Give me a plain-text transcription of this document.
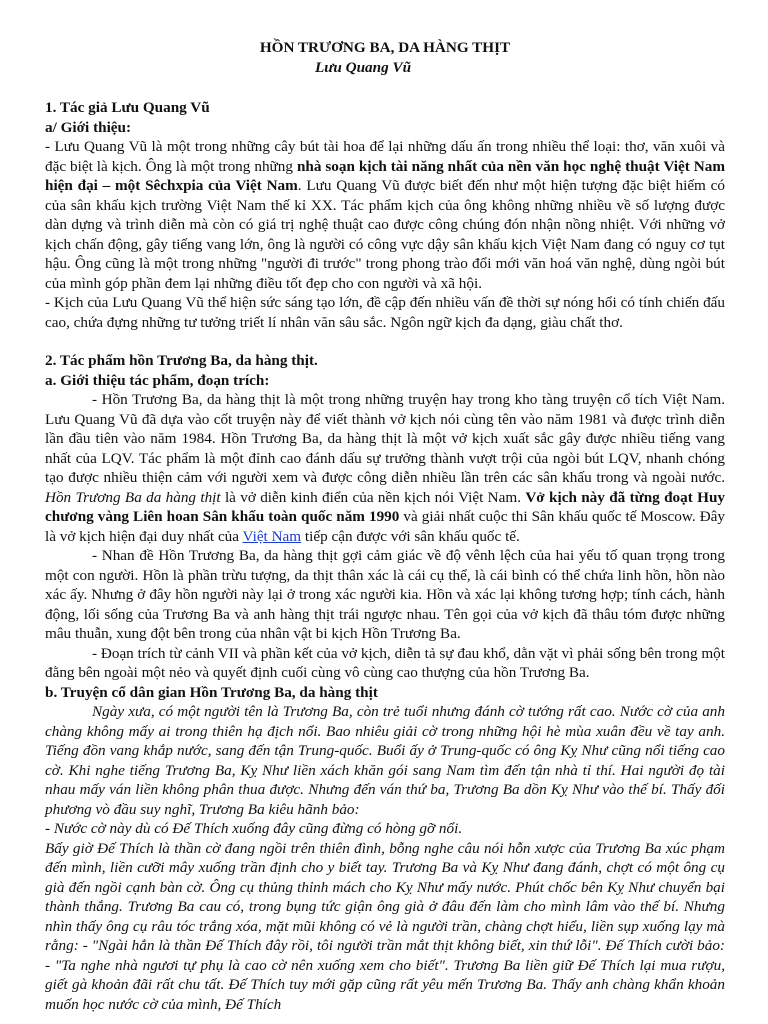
HỒN TRƯƠNG BA, DA HÀNG THỊT

Lưu Quang Vũ

1. Tác giả Lưu Quang Vũ

a/ Giới thiệu:

- Lưu Quang Vũ là một trong những cây bút tài hoa để lại những dấu ấn trong nhiều thể loại: thơ, văn xuôi và đặc biệt là kịch. Ông là một trong những nhà soạn kịch tài năng nhất của nền văn học nghệ thuật Việt Nam hiện đại – một Sêchxpia của Việt Nam. Lưu Quang Vũ được biết đến như một hiện tượng đặc biệt hiếm có của sân khấu kịch trường Việt Nam thế kỉ XX. Tác phẩm kịch của ông không những nhiều về số lượng được dàn dựng và trình diễn mà còn có giá trị nghệ thuật cao được công chúng đón nhận nồng nhiệt. Với những vở kịch chấn động, gây tiếng vang lớn, ông là người có công vực dậy sân khấu kịch Việt Nam đang có nguy cơ tụt hậu. Ông cũng là một trong những "người đi trước" trong phong trào đổi mới văn hoá văn nghệ, dùng ngòi bút của mình góp phần đem lại những điều tốt đẹp cho con người và xã hội.

- Kịch của Lưu Quang Vũ thể hiện sức sáng tạo lớn, đề cập đến nhiều vấn đề thời sự nóng hổi có tính chiến đấu cao, chứa đựng những tư tưởng triết lí nhân văn sâu sắc. Ngôn ngữ kịch đa dạng, giàu chất thơ.

2. Tác phẩm hồn Trương Ba, da hàng thịt.

a. Giới thiệu tác phẩm, đoạn trích:

- Hồn Trương Ba, da hàng thịt là một trong những truyện hay trong kho tàng truyện cổ tích Việt Nam. Lưu Quang Vũ đã dựa vào cốt truyện này để viết thành vở kịch nói cùng tên vào năm 1981 và được trình diễn lần đầu tiên vào năm 1984. Hồn Trương Ba, da hàng thịt là một vở kịch xuất sắc gây được nhiều tiếng vang nhất của LQV. Tác phẩm là một đỉnh cao đánh dấu sự trưởng thành vượt trội của ngòi bút LQV, nhanh chóng tạo được nhiều thiện cảm với người xem và được công diễn nhiều lần trên các sân khấu trong và ngoài nước. Hồn Trương Ba da hàng thịt là vở diễn kinh điển của nền kịch nói Việt Nam. Vở kịch này đã từng đoạt Huy chương vàng Liên hoan Sân khấu toàn quốc năm 1990 và giải nhất cuộc thi Sân khấu quốc tế Moscow. Đây là vở kịch hiện đại duy nhất của Việt Nam tiếp cận được với sân khấu quốc tế.

- Nhan đề Hồn Trương Ba, da hàng thịt gợi cảm giác về độ vênh lệch của hai yếu tố quan trọng trong một con người. Hồn là phần trừu tượng, da thịt thân xác là cái cụ thể, là cái bình có thể chứa linh hồn, hồn nào xác ấy. Nhưng ở đây hồn người này lại ở trong xác người kia. Hồn và xác lại không tương hợp; tính cách, hành động, lối sống của Trương Ba và anh hàng thịt trái ngược nhau. Tên gọi của vở kịch đã thâu tóm được những mâu thuẫn, xung đột bên trong của nhân vật bi kịch Hồn Trương Ba.

- Đoạn trích từ cảnh VII và phần kết của vở kịch, diễn tả sự đau khổ, dằn vặt vì phải sống bên trong một đằng bên ngoài một nẻo và quyết định cuối cùng vô cùng cao thượng của hồn Trương Ba.

b. Truyện cổ dân gian Hồn Trương Ba, da hàng thịt

Ngày xưa, có một người tên là Trương Ba, còn trẻ tuổi nhưng đánh cờ tướng rất cao. Nước cờ của anh chàng không mấy ai trong thiên hạ địch nổi. Bao nhiêu giải cờ trong những hội hè mùa xuân đều về tay anh. Tiếng đồn vang khắp nước, sang đến tận Trung-quốc. Buổi ấy ở Trung-quốc có ông Kỵ Như cũng nổi tiếng cao cờ. Khi nghe tiếng Trương Ba, Kỵ Như liền xách khăn gói sang Nam tìm đến tận nhà tỉ thí. Hai người đọ tài nhau mấy ván liền không phân thua được. Nhưng đến ván thứ ba, Trương Ba dồn Kỵ Như vào thế bí. Thấy đối phương vò đầu suy nghĩ, Trương Ba kiêu hãnh bảo:

- Nước cờ này dù có Đế Thích xuống đây cũng đừng có hòng gỡ nổi.

Bấy giờ Đế Thích là thần cờ đang ngồi trên thiên đình, bỗng nghe câu nói hỗn xược của Trương Ba xúc phạm đến mình, liền cưỡi mây xuống trần định cho y biết tay. Trương Ba và Kỵ Như đang đánh, chợt có một ông cụ già đến ngồi cạnh bàn cờ. Ông cụ thủng thỉnh mách cho Kỵ Như mấy nước. Phút chốc bên Kỵ Như chuyển bại thành thắng. Trương Ba cau có, trong bụng tức giận ông già ở đâu đến làm cho mình lâm vào thế bí. Nhưng nhìn thấy ông cụ râu tóc trắng xóa, mặt mũi không có vẻ là người trần, chàng chợt hiểu, liền sụp xuống lạy mà rằng: - "Ngài hẳn là thần Đế Thích đây rồi, tôi người trần mắt thịt không biết, xin thứ lỗi". Đế Thích cười bảo: - "Ta nghe nhà ngươi tự phụ là cao cờ nên xuống xem cho biết". Trương Ba liền giữ Đế Thích lại mua rượu, giết gà khoản đãi rất chu tất. Đế Thích tuy mới gặp cũng rất yêu mến Trương Ba. Thấy anh chàng khẩn khoản muốn học nước cờ của mình, Đế Thích
